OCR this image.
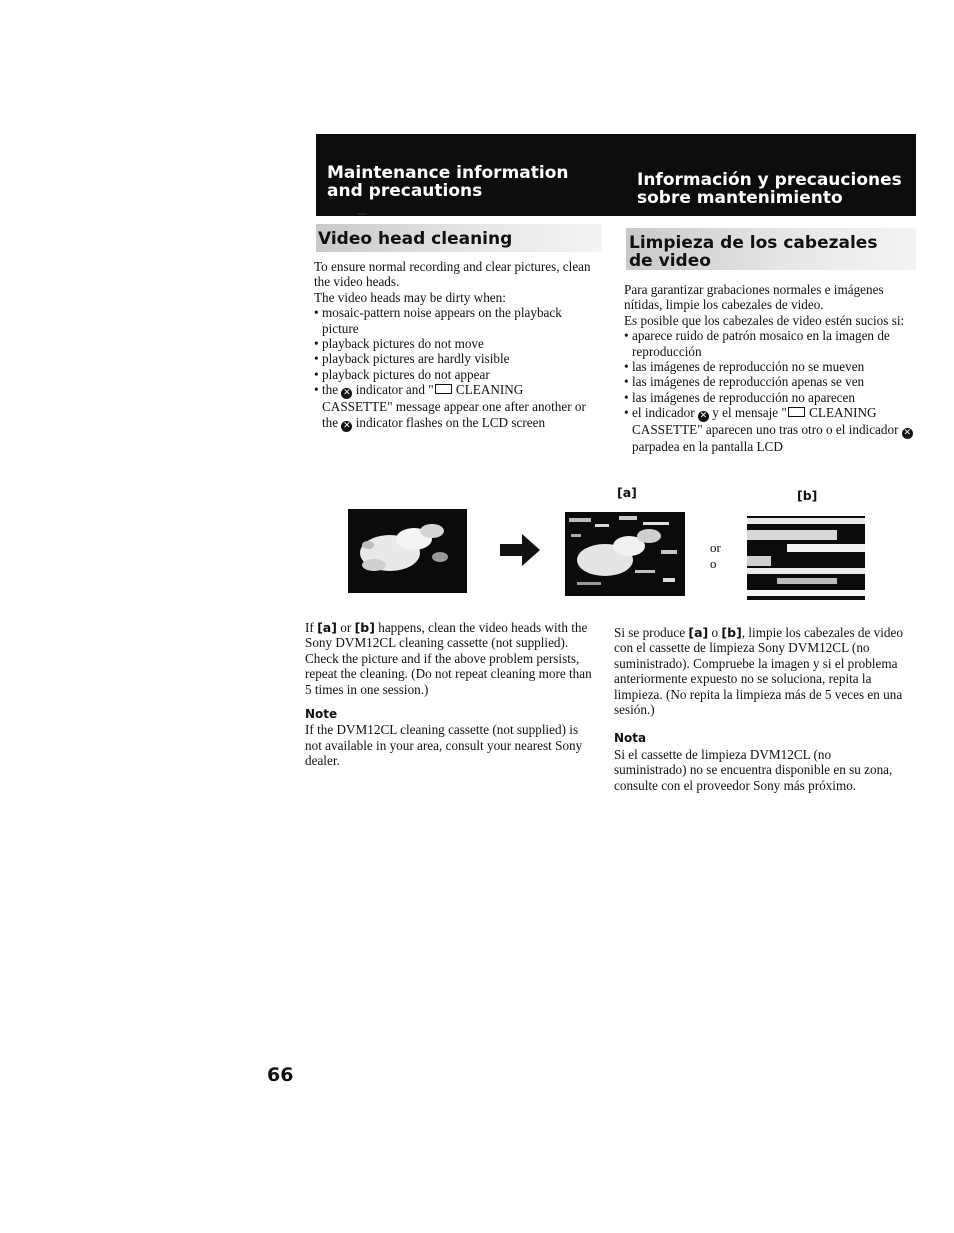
Maintenance information and precautions
Información y precauciones sobre mantenimiento
Video head cleaning	Limpieza de los cabezales de video

To ensure normal recording and clear pictures, clean the video heads.

The video heads may be dirty when:

• mosaic-pattern noise appears on the playback picture
• playback pictures do not move
• playback pictures are hardly visible
• playback pictures do not appear
• the ✕ indicator and " CLEANING CASSETTE" message appear one after another or the ✕ indicator flashes on the LCD screen

Para garantizar grabaciones normales e imágenes nítidas, limpie los cabezales de video.

Es posible que los cabezales de video estén sucios si:

• aparece ruido de patrón mosaico en la imagen de reproducción
• las imágenes de reproducción no se mueven
• las imágenes de reproducción apenas se ven
• las imágenes de reproducción no aparecen
• el indicador ✕ y el mensaje " CLEANING CASSETTE" aparecen uno tras otro o el indicador ✕ parpadea en la pantalla LCD
[a]	[b]
or
o

If [a] or [b] happens, clean the video heads with the Sony DVM12CL cleaning cassette (not supplied). Check the picture and if the above problem persists, repeat the cleaning. (Do not repeat cleaning more than 5 times in one session.)

Note

If the DVM12CL cleaning cassette (not supplied) is not available in your area, consult your nearest Sony dealer.

Si se produce [a] o [b], limpie los cabezales de video con el cassette de limpieza Sony DVM12CL (no suministrado). Compruebe la imagen y si el problema anteriormente expuesto no se soluciona, repita la limpieza. (No repita la limpieza más de 5 veces en una sesión.)

Nota

Si el cassette de limpieza DVM12CL (no suministrado) no se encuentra disponible en su zona, consulte con el proveedor Sony más próximo.

66
